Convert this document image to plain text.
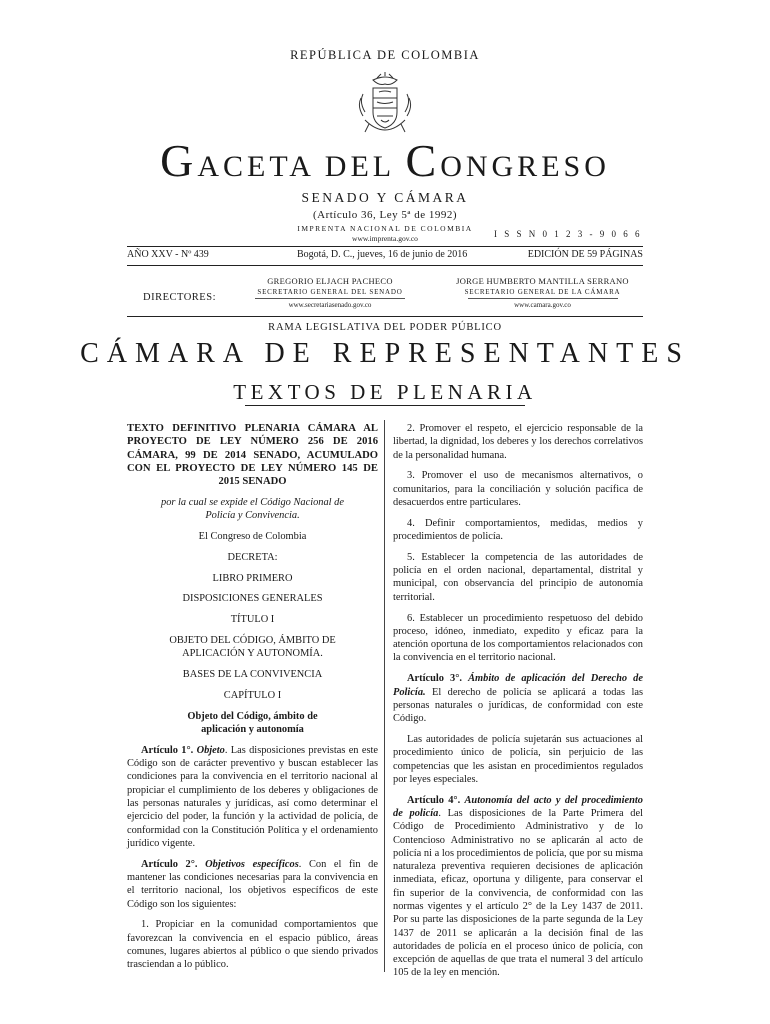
REPÚBLICA DE COLOMBIA
GACETA DEL CONGRESO
SENADO Y CÁMARA
(Artículo 36, Ley 5ª de 1992)
IMPRENTA NACIONAL DE COLOMBIA
www.imprenta.gov.co	I S S N 0 1 2 3 - 9 0 6 6
AÑO XXV - Nº 439	Bogotá, D. C., jueves, 16 de junio de 2016	EDICIÓN DE 59 PÁGINAS
DIRECTORES:
GREGORIO ELJACH PACHECO
SECRETARIO GENERAL DEL SENADO
www.secretariasenado.gov.co
JORGE HUMBERTO MANTILLA SERRANO
SECRETARIO GENERAL DE LA CÁMARA
www.camara.gov.co
RAMA LEGISLATIVA DEL PODER PÚBLICO
CÁMARA DE REPRESENTANTES
TEXTOS DE PLENARIA

TEXTO DEFINITIVO PLENARIA CÁMARA AL PROYECTO DE LEY NÚMERO 256 DE 2016 CÁMARA, 99 DE 2014 SENADO, ACUMULADO CON EL PROYECTO DE LEY NÚMERO 145 DE 2015 SENADO

por la cual se expide el Código Nacional de Policía y Convivencia.

El Congreso de Colombia

DECRETA:

LIBRO PRIMERO

DISPOSICIONES GENERALES

TÍTULO I

OBJETO DEL CÓDIGO, ÁMBITO DE APLICACIÓN Y AUTONOMÍA.

BASES DE LA CONVIVENCIA

CAPÍTULO I

Objeto del Código, ámbito de aplicación y autonomía

Artículo 1°. Objeto. Las disposiciones previstas en este Código son de carácter preventivo y buscan establecer las condiciones para la convivencia en el territorio nacional al propiciar el cumplimiento de los deberes y obligaciones de las personas naturales y jurídicas, así como determinar el ejercicio del poder, la función y la actividad de policía, de conformidad con la Constitución Política y el ordenamiento jurídico vigente.

Artículo 2°. Objetivos específicos. Con el fin de mantener las condiciones necesarias para la convivencia en el territorio nacional, los objetivos específicos de este Código son los siguientes:

1. Propiciar en la comunidad comportamientos que favorezcan la convivencia en el espacio público, áreas comunes, lugares abiertos al público o que siendo privados trasciendan a lo público.

2. Promover el respeto, el ejercicio responsable de la libertad, la dignidad, los deberes y los derechos correlativos de la personalidad humana.

3. Promover el uso de mecanismos alternativos, o comunitarios, para la conciliación y solución pacífica de desacuerdos entre particulares.

4. Definir comportamientos, medidas, medios y procedimientos de policía.

5. Establecer la competencia de las autoridades de policía en el orden nacional, departamental, distrital y municipal, con observancia del principio de autonomía territorial.

6. Establecer un procedimiento respetuoso del debido proceso, idóneo, inmediato, expedito y eficaz para la atención oportuna de los comportamientos relacionados con la convivencia en el territorio nacional.

Artículo 3°. Ámbito de aplicación del Derecho de Policía. El derecho de policía se aplicará a todas las personas naturales o jurídicas, de conformidad con este Código.

Las autoridades de policía sujetarán sus actuaciones al procedimiento único de policía, sin perjuicio de las competencias que les asistan en procedimientos regulados por leyes especiales.

Artículo 4°. Autonomía del acto y del procedimiento de policía. Las disposiciones de la Parte Primera del Código de Procedimiento Administrativo y de lo Contencioso Administrativo no se aplicarán al acto de policía ni a los procedimientos de policía, que por su misma naturaleza preventiva requieren decisiones de aplicación inmediata, eficaz, oportuna y diligente, para conservar el fin superior de la convivencia, de conformidad con las normas vigentes y el artículo 2° de la Ley 1437 de 2011. Por su parte las disposiciones de la parte segunda de la Ley 1437 de 2011 se aplicarán a la decisión final de las autoridades de policía en el proceso único de policía, con excepción de aquellas de que trata el numeral 3 del artículo 105 de la ley en mención.
